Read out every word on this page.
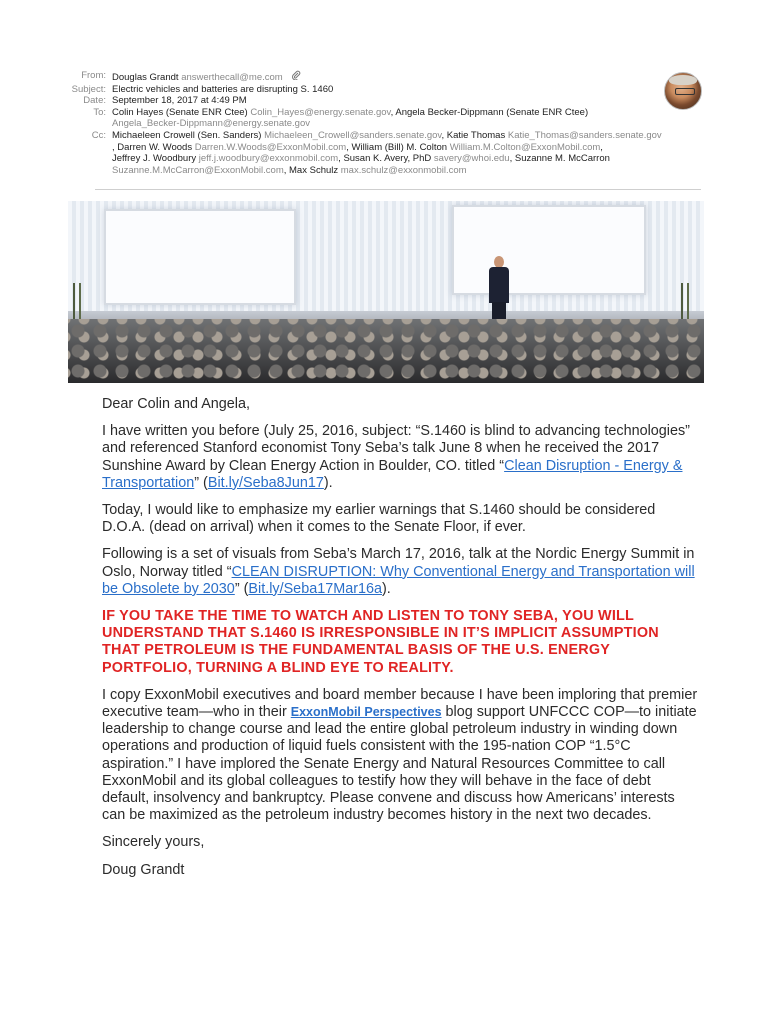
From: Douglas Grandt answerthecall@me.com
Subject: Electric vehicles and batteries are disrupting S. 1460
Date: September 18, 2017 at 4:49 PM
To: Colin Hayes (Senate ENR Ctee) Colin_Hayes@energy.senate.gov, Angela Becker-Dippmann (Senate ENR Ctee)
Angela_Becker-Dippmann@energy.senate.gov
Cc: Michaeleen Crowell (Sen. Sanders) Michaeleen_Crowell@sanders.senate.gov, Katie Thomas Katie_Thomas@sanders.senate.gov
, Darren W. Woods Darren.W.Woods@ExxonMobil.com, William (Bill) M. Colton William.M.Colton@ExxonMobil.com,
Jeffrey J. Woodbury jeff.j.woodbury@exxonmobil.com, Susan K. Avery, PhD savery@whoi.edu, Suzanne M. McCarron
Suzanne.M.McCarron@ExxonMobil.com, Max Schulz max.schulz@exxonmobil.com

Dear Colin and Angela,

I have written you before (July 25, 2016, subject: “S.1460 is blind to advancing technologies” and referenced Stanford economist Tony Seba’s talk June 8 when he received the 2017 Sunshine Award by Clean Energy Action in Boulder, CO. titled “Clean Disruption - Energy & Transportation” (Bit.ly/Seba8Jun17).

Today, I would like to emphasize my earlier warnings that S.1460 should be considered D.O.A. (dead on arrival) when it comes to the Senate Floor, if ever.

Following is a set of visuals from Seba’s March 17, 2016, talk at the Nordic Energy Summit in Oslo, Norway titled “CLEAN DISRUPTION: Why Conventional Energy and Transportation will be Obsolete by 2030” (Bit.ly/Seba17Mar16a).

IF YOU TAKE THE TIME TO WATCH AND LISTEN TO TONY SEBA, YOU WILL UNDERSTAND THAT S.1460 IS IRRESPONSIBLE IN IT’S IMPLICIT ASSUMPTION THAT PETROLEUM IS THE FUNDAMENTAL BASIS OF THE U.S. ENERGY PORTFOLIO, TURNING A BLIND EYE TO REALITY.

I copy ExxonMobil executives and board member because I have been imploring that premier executive team—who in their ExxonMobil Perspectives blog support UNFCCC COP—to initiate leadership to change course and lead the entire global petroleum industry in winding down operations and production of liquid fuels consistent with the 195-nation COP “1.5°C aspiration.” I have implored the Senate Energy and Natural Resources Committee to call ExxonMobil and its global colleagues to testify how they will behave in the face of debt default, insolvency and bankruptcy. Please convene and discuss how Americans’ interests can be maximized as the petroleum industry becomes history in the next two decades.

Sincerely yours,

Doug Grandt
